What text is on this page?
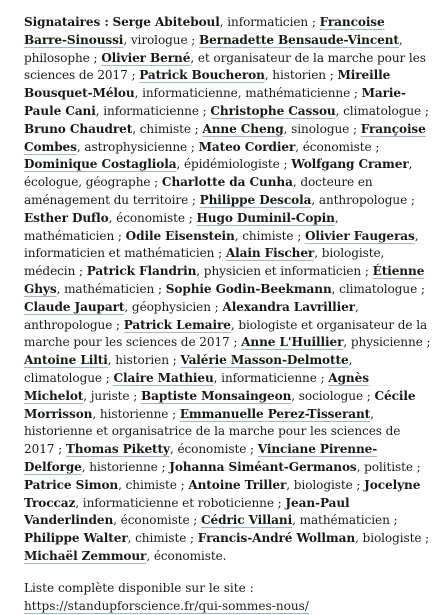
Signataires : Serge Abiteboul, informaticien ; Francoise Barre-Sinoussi, virologue ; Bernadette Bensaude-Vincent, philosophe ; Olivier Berné, et organisateur de la marche pour les sciences de 2017 ; Patrick Boucheron, historien ; Mireille Bousquet-Mélou, informaticienne, mathématicienne ; Marie-Paule Cani, informaticienne ; Christophe Cassou, climatologue ; Bruno Chaudret, chimiste ; Anne Cheng, sinologue ; Françoise Combes, astrophysicienne ; Mateo Cordier, économiste ; Dominique Costagliola, épidémiologiste ; Wolfgang Cramer, écologue, géographe ; Charlotte da Cunha, docteure en aménagement du territoire ; Philippe Descola, anthropologue ; Esther Duflo, économiste ; Hugo Duminil-Copin, mathématicien ; Odile Eisenstein, chimiste ; Olivier Faugeras, informaticien et mathématicien ; Alain Fischer, biologiste, médecin ; Patrick Flandrin, physicien et informaticien ; Étienne Ghys, mathématicien ; Sophie Godin-Beekmann, climatologue ; Claude Jaupart, géophysicien ; Alexandra Lavrillier, anthropologue ; Patrick Lemaire, biologiste et organisateur de la marche pour les sciences de 2017 ; Anne L'Huillier, physicienne ; Antoine Lilti, historien ; Valérie Masson-Delmotte, climatologue ; Claire Mathieu, informaticienne ; Agnès Michelot, juriste ; Baptiste Monsaingeon, sociologue ; Cécile Morrisson, historienne ; Emmanuelle Perez-Tisserant, historienne et organisatrice de la marche pour les sciences de 2017 ; Thomas Piketty, économiste ; Vinciane Pirenne-Delforge, historienne ; Johanna Siméant-Germanos, politiste ; Patrice Simon, chimiste ; Antoine Triller, biologiste ; Jocelyne Troccaz, informaticienne et roboticienne ; Jean-Paul Vanderlinden, économiste ; Cédric Villani, mathématicien ; Philippe Walter, chimiste ; Francis-André Wollman, biologiste ; Michaël Zemmour, économiste.

Liste complète disponible sur le site : https://standupforscience.fr/qui-sommes-nous/
